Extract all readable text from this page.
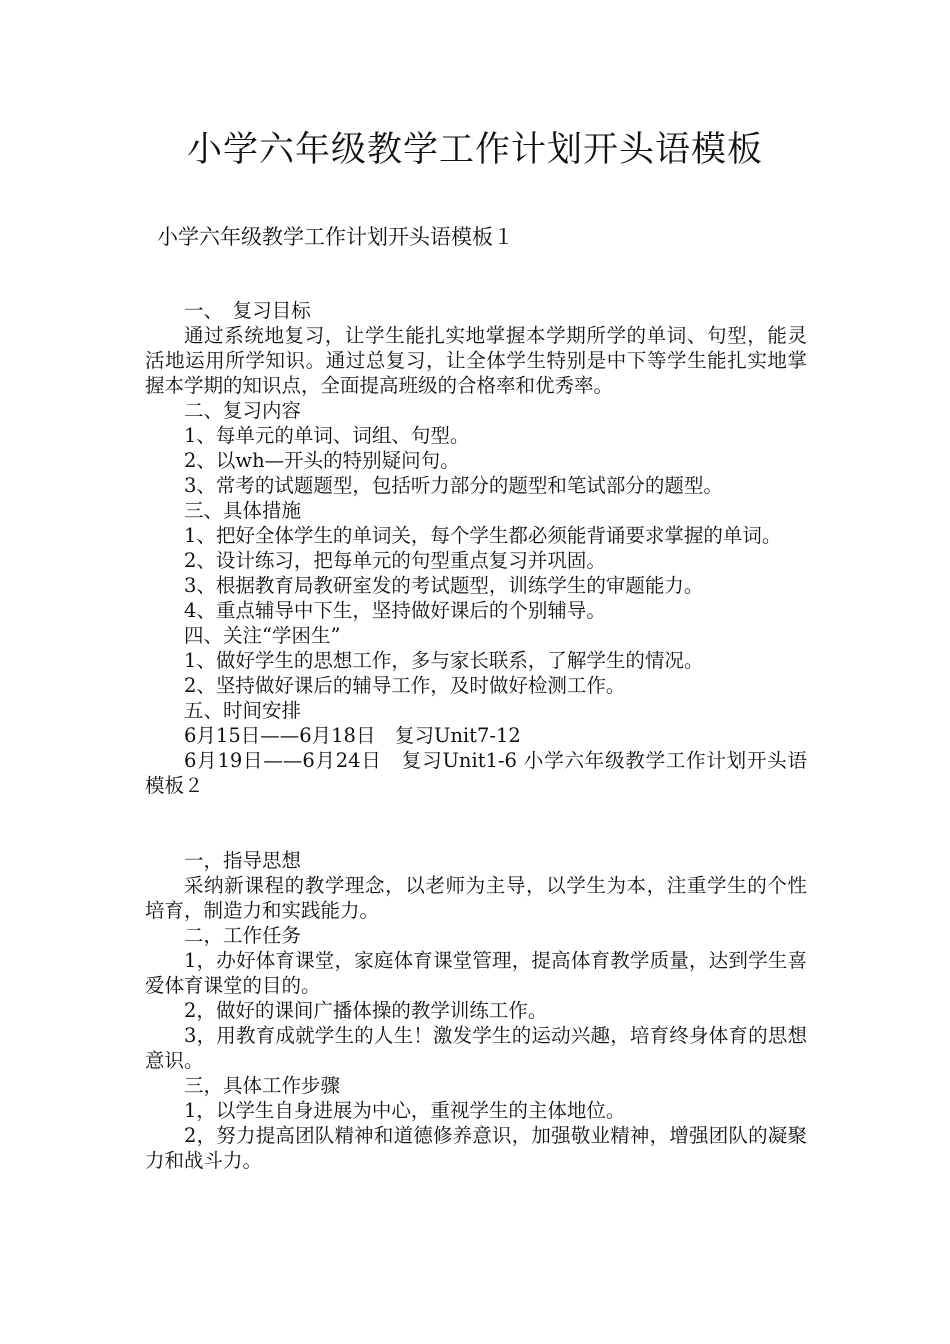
小学六年级教学工作计划开头语模板
小学六年级教学工作计划开头语模板１

一、　复习目标

通过系统地复习，让学生能扎实地掌握本学期所学的单词、句型，能灵活地运用所学知识。通过总复习，让全体学生特别是中下等学生能扎实地掌握本学期的知识点，全面提高班级的合格率和优秀率。

二、复习内容

1、每单元的单词、词组、句型。

2、以wh—开头的特别疑问句。

3、常考的试题题型，包括听力部分的题型和笔试部分的题型。

三、具体措施

1、把好全体学生的单词关，每个学生都必须能背诵要求掌握的单词。

2、设计练习，把每单元的句型重点复习并巩固。

3、根据教育局教研室发的考试题型，训练学生的审题能力。

4、重点辅导中下生，坚持做好课后的个别辅导。

四、关注“学困生”

1、做好学生的思想工作，多与家长联系，了解学生的情况。

2、坚持做好课后的辅导工作，及时做好检测工作。

五、时间安排

6月15日——6月18日　复习Unit7-12

6月19日——6月24日　复习Unit1-6 小学六年级教学工作计划开头语模板２

一，指导思想

采纳新课程的教学理念，以老师为主导，以学生为本，注重学生的个性培育，制造力和实践能力。

二，工作任务

1，办好体育课堂，家庭体育课堂管理，提高体育教学质量，达到学生喜爱体育课堂的目的。

2，做好的课间广播体操的教学训练工作。

3，用教育成就学生的人生！激发学生的运动兴趣，培育终身体育的思想意识。

三，具体工作步骤

1，以学生自身进展为中心，重视学生的主体地位。

2，努力提高团队精神和道德修养意识，加强敬业精神，增强团队的凝聚力和战斗力。
